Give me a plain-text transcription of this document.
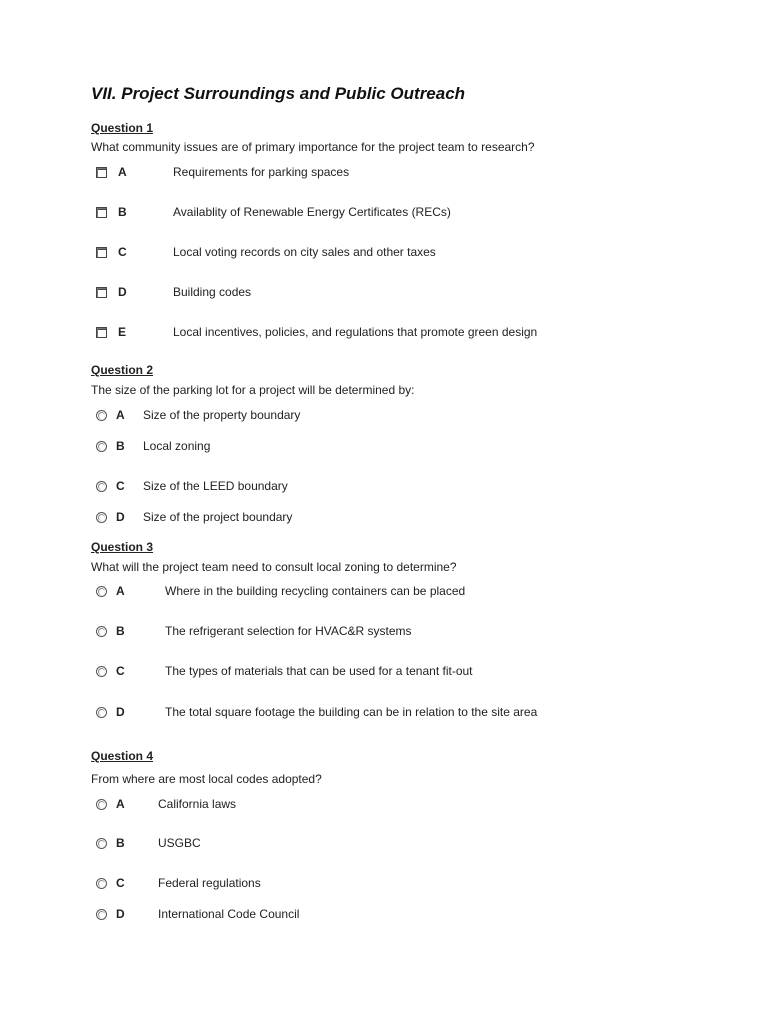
VII. Project Surroundings and Public Outreach
Question 1
What community issues are of primary importance for the project team to research?
A	Requirements for parking spaces
B	Availablity of Renewable Energy Certificates (RECs)
C	Local voting records on city sales and other taxes
D	Building codes
E	Local incentives, policies, and regulations that promote green design
Question 2
The size of the parking lot for a project will be determined by:
A Size of the property boundary
B Local zoning
C Size of the LEED boundary
D Size of the project boundary
Question 3
What will the project team need to consult local zoning to determine?
A	Where in the building recycling containers can be placed
B	The refrigerant selection for HVAC&R systems
C	The types of materials that can be used for a tenant fit-out
D	The total square footage the building can be in relation to the site area
Question 4
From where are most local codes adopted?
A	California laws
B	USGBC
C	Federal regulations
D	International Code Council
